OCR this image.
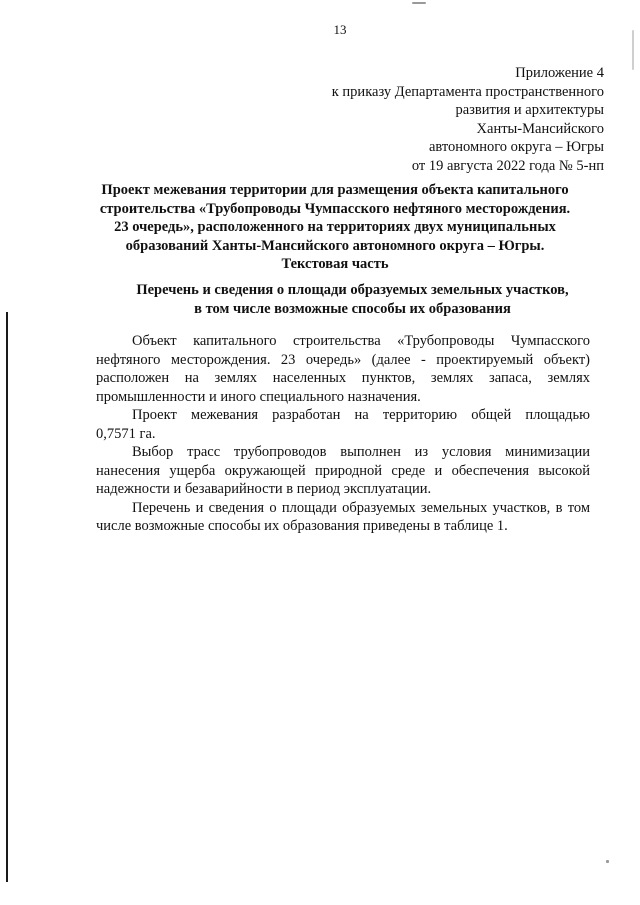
13
Приложение 4
к приказу Департамента пространственного
развития и архитектуры
Ханты-Мансийского
автономного округа – Югры
от 19 августа 2022 года № 5-нп
Проект межевания территории для размещения объекта капитального
строительства «Трубопроводы Чумпасского нефтяного месторождения.
23 очередь», расположенного на территориях двух муниципальных
образований Ханты-Мансийского автономного округа – Югры.
Текстовая часть
Перечень и сведения о площади образуемых земельных участков,
в том числе возможные способы их образования
Объект капитального строительства «Трубопроводы Чумпасского
нефтяного месторождения. 23 очередь» (далее - проектируемый объект)
расположен на землях населенных пунктов, землях запаса, землях
промышленности и иного специального назначения.
Проект межевания разработан на территорию общей площадью
0,7571 га.
Выбор трасс трубопроводов выполнен из условия минимизации
нанесения ущерба окружающей природной среде и обеспечения высокой
надежности и безаварийности в период эксплуатации.
Перечень и сведения о площади образуемых земельных участков, в том
числе возможные способы их образования приведены в таблице 1.
